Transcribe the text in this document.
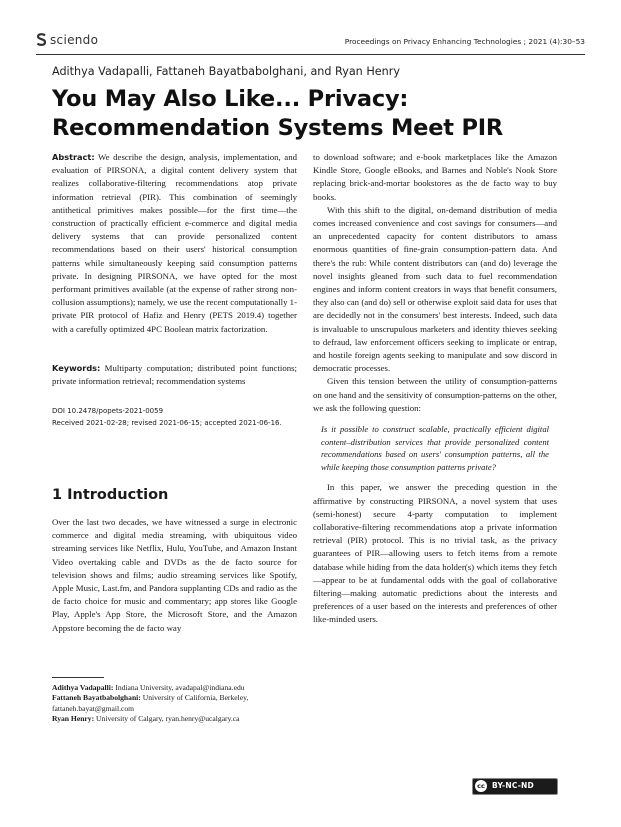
sciendo	Proceedings on Privacy Enhancing Technologies ; 2021 (4):30–53
Adithya Vadapalli, Fattaneh Bayatbabolghani, and Ryan Henry
You May Also Like... Privacy: Recommendation Systems Meet PIR

Abstract: We describe the design, analysis, implementation, and evaluation of PIRSONA, a digital content delivery system that realizes collaborative-filtering recommendations atop private information retrieval (PIR). This combination of seemingly antithetical primitives makes possible—for the first time—the construction of practically efficient e-commerce and digital media delivery systems that can provide personalized content recommendations based on their users' historical consumption patterns while simultaneously keeping said consumption patterns private. In designing PIRSONA, we have opted for the most performant primitives available (at the expense of rather strong non-collusion assumptions); namely, we use the recent computationally 1-private PIR protocol of Hafiz and Henry (PETS 2019.4) together with a carefully optimized 4PC Boolean matrix factorization.

Keywords: Multiparty computation; distributed point functions; private information retrieval; recommendation systems

DOI 10.2478/popets-2021-0059
Received 2021-02-28; revised 2021-06-15; accepted 2021-06-16.
1 Introduction

Over the last two decades, we have witnessed a surge in electronic commerce and digital media streaming, with ubiquitous video streaming services like Netflix, Hulu, YouTube, and Amazon Instant Video overtaking cable and DVDs as the de facto source for television shows and films; audio streaming services like Spotify, Apple Music, Last.fm, and Pandora supplanting CDs and radio as the de facto choice for music and commentary; app stores like Google Play, Apple's App Store, the Microsoft Store, and the Amazon Appstore becoming the de facto way

Adithya Vadapalli: Indiana University, avadapal@indiana.edu
Fattaneh Bayatbabolghani: University of California, Berkeley, fattaneh.bayat@gmail.com
Ryan Henry: University of Calgary, ryan.henry@ucalgary.ca

to download software; and e-book marketplaces like the Amazon Kindle Store, Google eBooks, and Barnes and Noble's Nook Store replacing brick-and-mortar bookstores as the de facto way to buy books.

With this shift to the digital, on-demand distribution of media comes increased convenience and cost savings for consumers—and an unprecedented capacity for content distributors to amass enormous quantities of fine-grain consumption-pattern data. And there's the rub: While content distributors can (and do) leverage the novel insights gleaned from such data to fuel recommendation engines and inform content creators in ways that benefit consumers, they also can (and do) sell or otherwise exploit said data for uses that are decidedly not in the consumers' best interests. Indeed, such data is invaluable to unscrupulous marketers and identity thieves seeking to defraud, law enforcement officers seeking to implicate or entrap, and hostile foreign agents seeking to manipulate and sow discord in democratic processes.

Given this tension between the utility of consumption-patterns on one hand and the sensitivity of consumption-patterns on the other, we ask the following question:

Is it possible to construct scalable, practically efficient digital content–distribution services that provide personalized content recommendations based on users' consumption patterns, all the while keeping those consumption patterns private?

In this paper, we answer the preceding question in the affirmative by constructing PIRSONA, a novel system that uses (semi-honest) secure 4-party computation to implement collaborative-filtering recommendations atop a private information retrieval (PIR) protocol. This is no trivial task, as the privacy guarantees of PIR—allowing users to fetch items from a remote database while hiding from the data holder(s) which items they fetch—appear to be at fundamental odds with the goal of collaborative filtering—making automatic predictions about the interests and preferences of a user based on the interests and preferences of other like-minded users.

cc BY-NC-ND
